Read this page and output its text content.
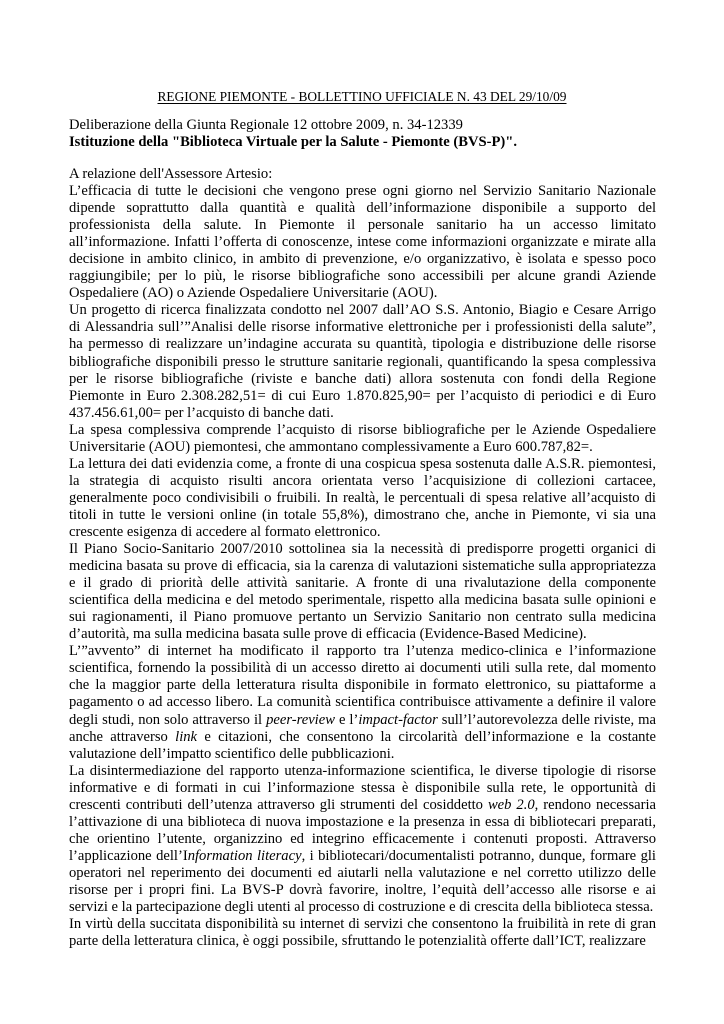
REGIONE PIEMONTE - BOLLETTINO UFFICIALE N. 43 DEL 29/10/09
Deliberazione della Giunta Regionale 12 ottobre 2009, n. 34-12339
Istituzione della "Biblioteca Virtuale per la Salute - Piemonte (BVS-P)".

A relazione dell'Assessore Artesio:

L’efficacia di tutte le decisioni che vengono prese ogni giorno nel Servizio Sanitario Nazionale dipende soprattutto dalla quantità e qualità dell’informazione disponibile a supporto del professionista della salute. In Piemonte il personale sanitario ha un accesso limitato all’informazione. Infatti l’offerta di conoscenze, intese come informazioni organizzate e mirate alla decisione in ambito clinico, in ambito di prevenzione, e/o organizzativo, è isolata e spesso poco raggiungibile; per lo più, le risorse bibliografiche sono accessibili per alcune grandi Aziende Ospedaliere (AO) o Aziende Ospedaliere Universitarie (AOU).

Un progetto di ricerca finalizzata condotto nel 2007 dall’AO S.S. Antonio, Biagio e Cesare Arrigo di Alessandria sull’”Analisi delle risorse informative elettroniche per i professionisti della salute”, ha permesso di realizzare un’indagine accurata su quantità, tipologia e distribuzione delle risorse bibliografiche disponibili presso le strutture sanitarie regionali, quantificando la spesa complessiva per le risorse bibliografiche (riviste e banche dati) allora sostenuta con fondi della Regione Piemonte in Euro 2.308.282,51= di cui Euro 1.870.825,90= per l’acquisto di periodici e di Euro 437.456.61,00= per l’acquisto di banche dati.

La spesa complessiva comprende l’acquisto di risorse bibliografiche per le Aziende Ospedaliere Universitarie (AOU) piemontesi, che ammontano complessivamente a Euro 600.787,82=.

La lettura dei dati evidenzia come, a fronte di una cospicua spesa sostenuta dalle A.S.R. piemontesi, la strategia di acquisto risulti ancora orientata verso l’acquisizione di collezioni cartacee, generalmente poco condivisibili o fruibili. In realtà, le percentuali di spesa relative all’acquisto di titoli in tutte le versioni online (in totale 55,8%), dimostrano che, anche in Piemonte, vi sia una crescente esigenza di accedere al formato elettronico.

Il Piano Socio-Sanitario 2007/2010 sottolinea sia la necessità di predisporre progetti organici di medicina basata su prove di efficacia, sia la carenza di valutazioni sistematiche sulla appropriatezza e il grado di priorità delle attività sanitarie. A fronte di una rivalutazione della componente scientifica della medicina e del metodo sperimentale, rispetto alla medicina basata sulle opinioni e sui ragionamenti, il Piano promuove pertanto un Servizio Sanitario non centrato sulla medicina d’autorità, ma sulla medicina basata sulle prove di efficacia (Evidence-Based Medicine).

L’”avvento” di internet ha modificato il rapporto tra l’utenza medico-clinica e l’informazione scientifica, fornendo la possibilità di un accesso diretto ai documenti utili sulla rete, dal momento che la maggior parte della letteratura risulta disponibile in formato elettronico, su piattaforme a pagamento o ad accesso libero. La comunità scientifica contribuisce attivamente a definire il valore degli studi, non solo attraverso il peer-review e l’impact-factor sull’l’autorevolezza delle riviste, ma anche attraverso link e citazioni, che consentono la circolarità dell’informazione e la costante valutazione dell’impatto scientifico delle pubblicazioni.

La disintermediazione del rapporto utenza-informazione scientifica, le diverse tipologie di risorse informative e di formati in cui l’informazione stessa è disponibile sulla rete, le opportunità di crescenti contributi dell’utenza attraverso gli strumenti del cosiddetto web 2.0, rendono necessaria l’attivazione di una biblioteca di nuova impostazione e la presenza in essa di bibliotecari preparati, che orientino l’utente, organizzino ed integrino efficacemente i contenuti proposti. Attraverso l’applicazione dell’Information literacy, i bibliotecari/documentalisti potranno, dunque, formare gli operatori nel reperimento dei documenti ed aiutarli nella valutazione e nel corretto utilizzo delle risorse per i propri fini. La BVS-P dovrà favorire, inoltre, l’equità dell’accesso alle risorse e ai servizi e la partecipazione degli utenti al processo di costruzione e di crescita della biblioteca stessa.

In virtù della succitata disponibilità su internet di servizi che consentono la fruibilità in rete di gran parte della letteratura clinica, è oggi possibile, sfruttando le potenzialità offerte dall’ICT, realizzare
